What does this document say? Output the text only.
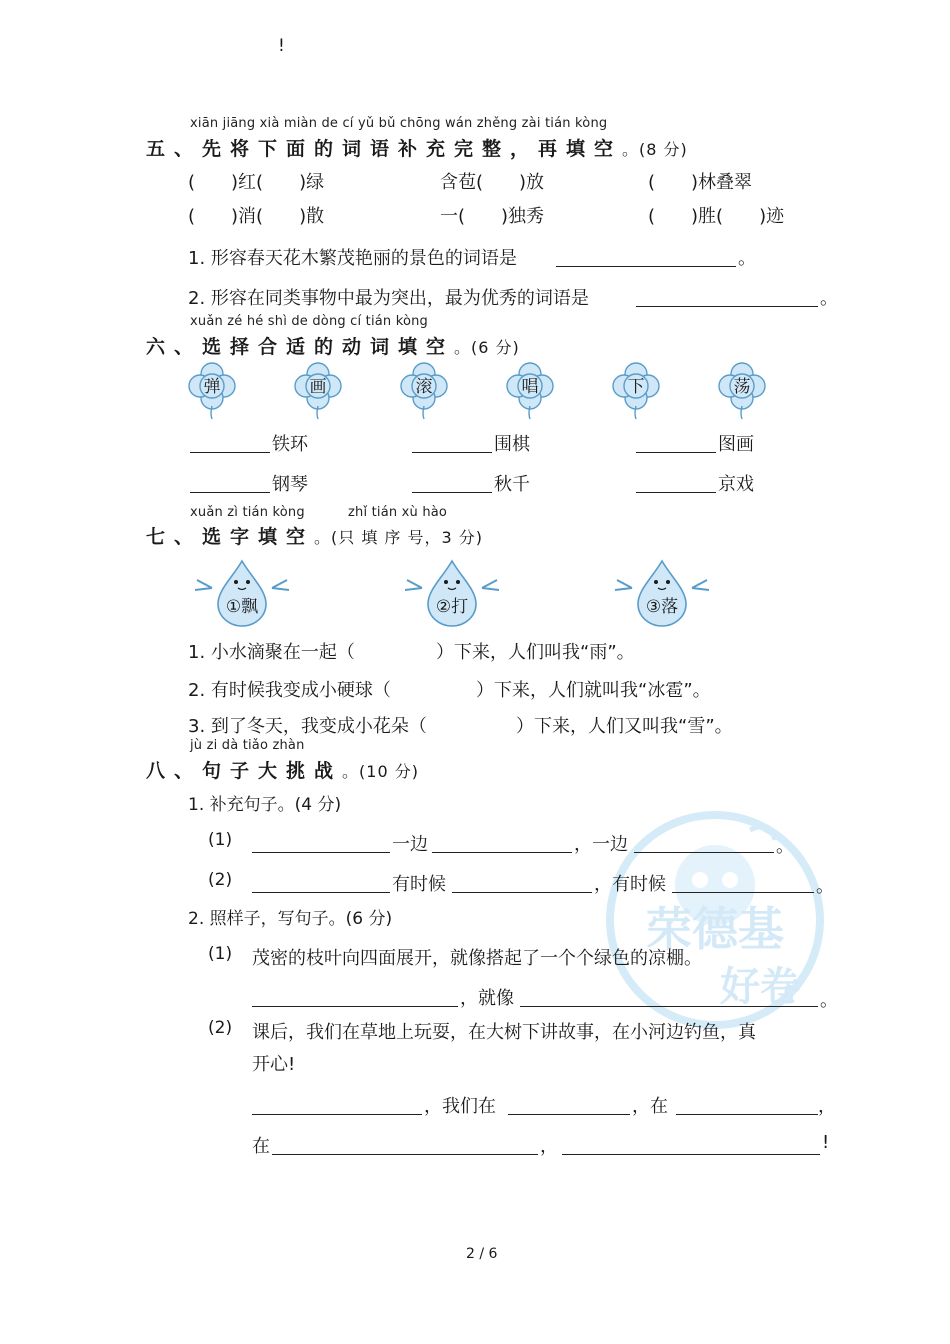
!
荣德基
好卷
xiān jiāng xià miàn de cí yǔ bǔ chōng wán zhěng zài tián kòng
五、先将下面的词语补充完整，再填空。(8 分)
(　　)红(　　)绿	含苞(　　)放	(　　)林叠翠
(　　)消(　　)散	一(　　)独秀	(　　)胜(　　)迹
1. 形容春天花木繁茂艳丽的景色的词语是	。
2. 形容在同类事物中最为突出，最为优秀的词语是	。
xuǎn zé hé shì de dòng cí tián kòng
六、选择合适的动词填空。(6 分)
弹	画	滚	唱	下	荡
铁环	围棋	图画
钢琴	秋千	京戏
xuǎn zì tián kòng	zhǐ tián xù hào
七、选字填空。(只 填 序 号，3 分)
①飘	②打	③落
1. 小水滴聚在一起（	）下来，人们叫我“雨”。
2. 有时候我变成小硬球（	）下来，人们就叫我“冰雹”。
3. 到了冬天，我变成小花朵（	）下来，人们又叫我“雪”。
jù zi dà tiǎo zhàn
八、句子大挑战。(10 分)
1. 补充句子。(4 分)
(1)	一边	，一边	。
(2)	有时候	，有时候	。
2. 照样子，写句子。(6 分)
(1) 茂密的枝叶向四面展开，就像搭起了一个个绿色的凉棚。
，就像	。
(2) 课后，我们在草地上玩耍，在大树下讲故事，在小河边钓鱼，真
开心!
，我们在	，在	，
在	，	!
2 / 6
